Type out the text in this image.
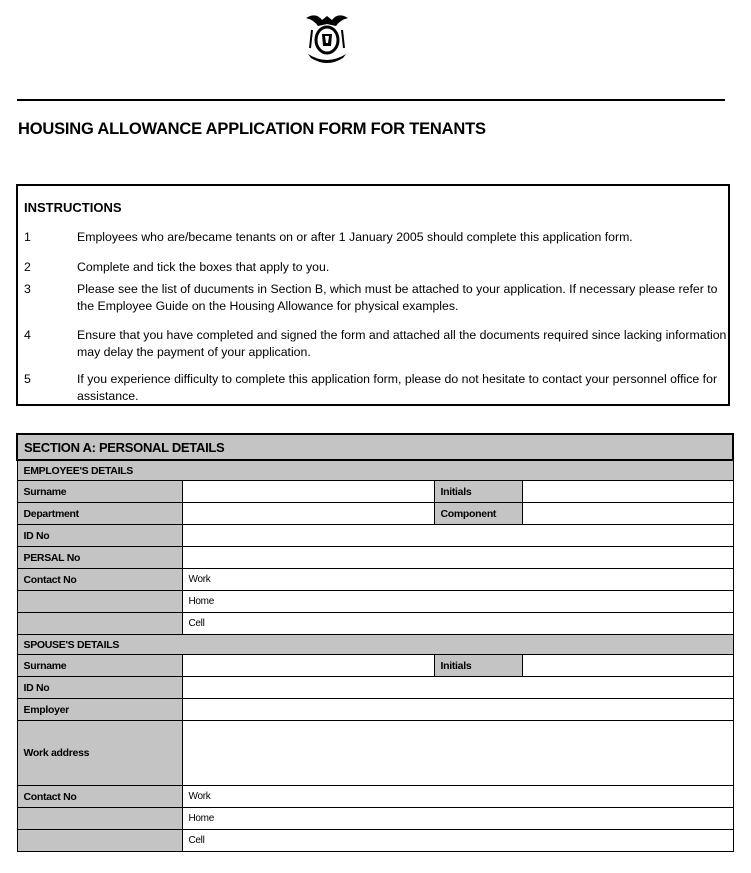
HOUSING ALLOWANCE APPLICATION FORM FOR TENANTS
INSTRUCTIONS
1	Employees who are/became tenants on or after 1 January 2005 should complete this application form.
2	Complete and tick the boxes that apply to you.
3	Please see the list of ducuments in Section B, which must be attached to your application. If necessary please refer to the Employee Guide on the Housing Allowance for physical examples.
4	Ensure that you have completed and signed the form and attached all the documents required since lacking information may delay the payment of your application.
5	If you experience difficulty to complete this application form, please do not hesitate to contact your personnel office for assistance.
SECTION A: PERSONAL DETAILS			
EMPLOYEE'S DETAILS			
Surname		Initials	
Department		Component	
ID No			
PERSAL No			
Contact No	Work		
	Home		
	Cell		
SPOUSE'S DETAILS			
Surname		Initials	
ID No			
Employer			
Work address			
Contact No	Work		
	Home		
	Cell		
